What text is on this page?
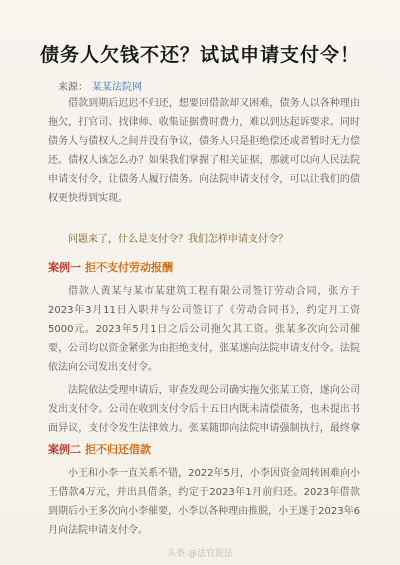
债务人欠钱不还？试试申请支付令！
来源： 某某法院网
借款到期后迟迟不归还，想要回借款却又困难，债务人以各种理由拖欠，打官司、找律师、收集证据费时费力，难以到达起诉要求。同时债务人与债权人之间并没有争议，债务人只是拒绝偿还或者暂时无力偿还。债权人该怎么办？如果我们掌握了相关证据，那就可以向人民法院申请支付令，让债务人履行债务。向法院申请支付令，可以让我们的债权更快得到实现。
问题来了，什么是支付令？我们怎样申请支付令？
案例一 拒不支付劳动报酬
借款人黄某与某市某建筑工程有限公司签订劳动合同，张方于2023年3月11日入职并与公司签订了《劳动合同书》，约定月工资5000元。2023年5月1日之后公司拖欠其工资。张某多次向公司催要，公司均以资金紧张为由拒绝支付，张某遂向法院申请支付令。法院依法向公司发出支付令。
法院依法受理申请后，审查发现公司确实拖欠张某工资，遂向公司发出支付令。公司在收到支付令后十五日内既未清偿债务，也未提出书面异议，支付令发生法律效力。张某随即向法院申请强制执行，最终拿
案例二 拒不归还借款
小王和小李一直关系不错，2022年5月，小李因资金周转困难向小王借款4万元，并出具借条，约定于2023年1月前归还。2023年借款到期后小王多次向小李催要，小李以各种理由推脱，小王遂于2023年6月向法院申请支付令。
头条 @法官说法
